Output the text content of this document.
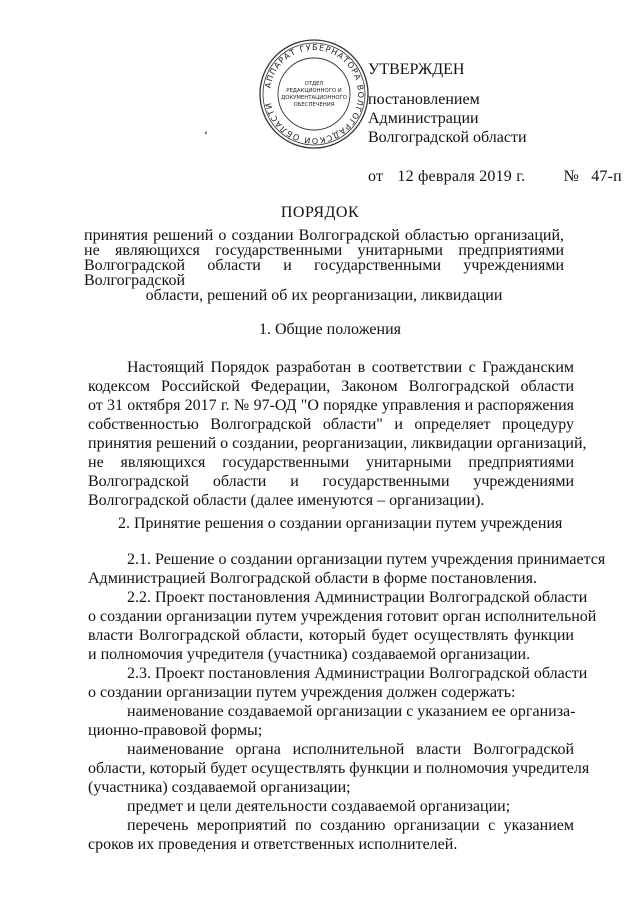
АППАРАТ ГУБЕРНАТОРА ВОЛГОГРАДСКОЙ ОБЛАСТИ
ОТДЕЛ
РЕДАКЦИОННОГО И
ДОКУМЕНТАЦИОННОГО
ОБЕСПЕЧЕНИЯ
УТВЕРЖДЕН
постановлением
Администрации
Волгоградской области
от 12 февраля 2019 г. № 47-п
‘
ПОРЯДОК
принятия решений о создании Волгоградской областью организаций,
не являющихся государственными унитарными предприятиями
Волгоградской области и государственными учреждениями Волгоградской
области, решений об их реорганизации, ликвидации
1. Общие положения
Настоящий Порядок разработан в соответствии с Гражданским
кодексом Российской Федерации, Законом Волгоградской области
от 31 октября 2017 г. № 97-ОД "О порядке управления и распоряжения
собственностью Волгоградской области" и определяет процедуру
принятия решений о создании, реорганизации, ликвидации организаций,
не являющихся государственными унитарными предприятиями
Волгоградской области и государственными учреждениями
Волгоградской области (далее именуются – организации).
2. Принятие решения о создании организации путем учреждения
2.1. Решение о создании организации путем учреждения принимается
Администрацией Волгоградской области в форме постановления.
2.2. Проект постановления Администрации Волгоградской области
о создании организации путем учреждения готовит орган исполнительной
власти Волгоградской области, который будет осуществлять функции
и полномочия учредителя (участника) создаваемой организации.
2.3. Проект постановления Администрации Волгоградской области
о создании организации путем учреждения должен содержать:
наименование создаваемой организации с указанием ее организа-
ционно-правовой формы;
наименование органа исполнительной власти Волгоградской
области, который будет осуществлять функции и полномочия учредителя
(участника) создаваемой организации;
предмет и цели деятельности создаваемой организации;
перечень мероприятий по созданию организации с указанием
сроков их проведения и ответственных исполнителей.
